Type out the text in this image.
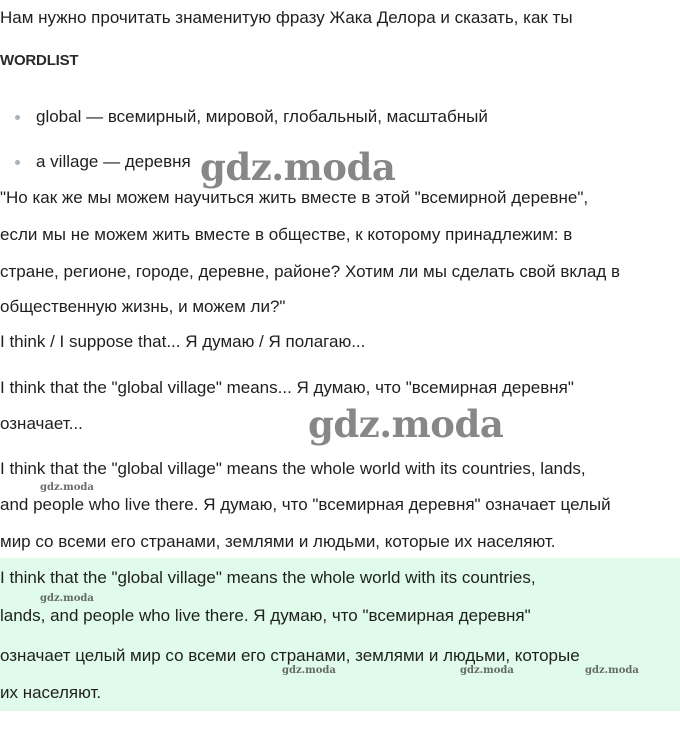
Нам нужно прочитать знаменитую фразу Жака Делора и сказать, как ты
WORDLIST
global — всемирный, мировой, глобальный, масштабный
a village — деревня
"Но как же мы можем научиться жить вместе в этой "всемирной деревне",
если мы не можем жить вместе в обществе, к которому принадлежим: в
стране, регионе, городе, деревне, районе? Хотим ли мы сделать свой вклад в
общественную жизнь, и можем ли?"
I think / I suppose that... Я думаю / Я полагаю...
I think that the "global village" means... Я думаю, что "всемирная деревня"
означает...
I think that the "global village" means the whole world with its countries, lands,
and people who live there. Я думаю, что "всемирная деревня" означает целый
мир со всеми его странами, землями и людьми, которые их населяют.
I think that the "global village" means the whole world with its countries,
lands, and people who live there. Я думаю, что "всемирная деревня"
означает целый мир со всеми его странами, землями и людьми, которые
их населяют.
gdz.moda
gdz.moda
gdz.moda
gdz.moda
gdz.moda	gdz.moda	gdz.moda
